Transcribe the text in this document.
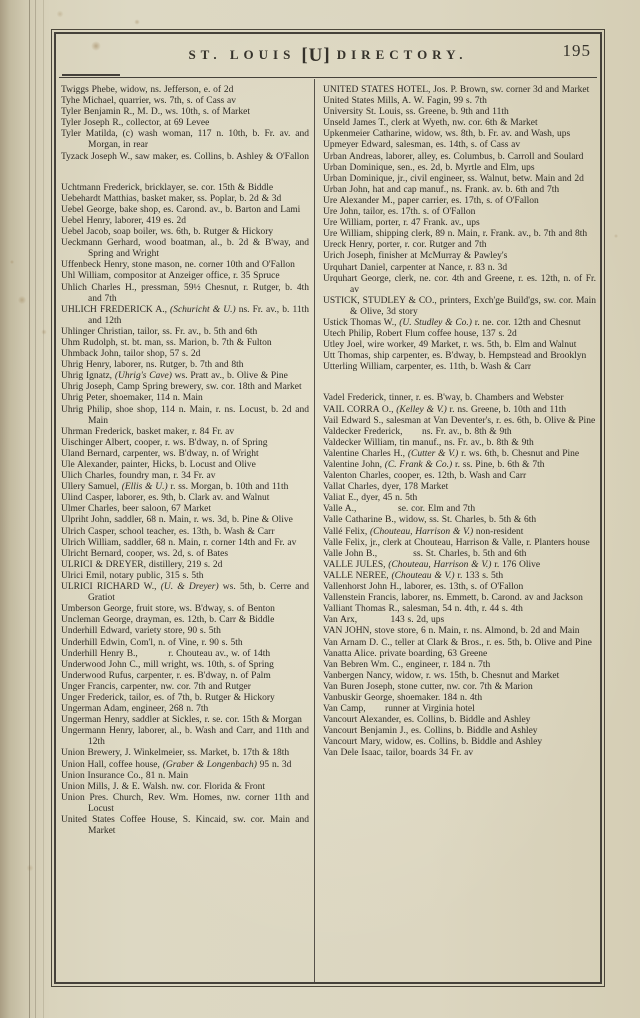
ST. LOUIS [U] DIRECTORY.	195
Twiggs Phebe, widow, ns. Jefferson, e. of 2d
Tyhe Michael, quarrier, ws. 7th, s. of Cass av
Tyler Benjamin R., M. D., ws. 10th, s. of Market
Tyler Joseph R., collector, at 69 Levee
Tyler Matilda, (c) wash woman, 117 n. 10th, b. Fr. av. and Morgan, in rear
Tyzack Joseph W., saw maker, es. Collins, b. Ashley & O'Fallon
Uchtmann Frederick, bricklayer, se. cor. 15th & Biddle
Uebehardt Matthias, basket maker, ss. Poplar, b. 2d & 3d
Uebel George, bake shop, es. Carond. av., b. Barton and Lami
Uebel Henry, laborer, 419 es. 2d
Uebel Jacob, soap boiler, ws. 6th, b. Rutger & Hickory
Ueckmann Gerhard, wood boatman, al., b. 2d & B'way, and Spring and Wright
Uffenbeck Henry, stone mason, ne. corner 10th and O'Fallon
Uhl William, compositor at Anzeiger office, r. 35 Spruce
Uhlich Charles H., pressman, 59½ Chesnut, r. Rutger, b. 4th and 7th
UHLICH FREDERICK A., (Schuricht & U.) ns. Fr. av., b. 11th and 12th
Uhlinger Christian, tailor, ss. Fr. av., b. 5th and 6th
Uhm Rudolph, st. bt. man, ss. Marion, b. 7th & Fulton
Uhmback John, tailor shop, 57 s. 2d
Uhrig Henry, laborer, ns. Rutger, b. 7th and 8th
Uhrig Ignatz, (Uhrig's Cave) ws. Pratt av., b. Olive & Pine
Uhrig Joseph, Camp Spring brewery, sw. cor. 18th and Market
Uhrig Peter, shoemaker, 114 n. Main
Uhrig Philip, shoe shop, 114 n. Main, r. ns. Locust, b. 2d and Main
Uhrman Frederick, basket maker, r. 84 Fr. av
Uischinger Albert, cooper, r. ws. B'dway, n. of Spring
Uland Bernard, carpenter, ws. B'dway, n. of Wright
Ule Alexander, painter, Hicks, b. Locust and Olive
Ulich Charles, foundry man, r. 34 Fr. av
Ullery Samuel, (Ellis & U.) r. ss. Morgan, b. 10th and 11th
Ulind Casper, laborer, es. 9th, b. Clark av. and Walnut
Ulmer Charles, beer saloon, 67 Market
Ulpriht John, saddler, 68 n. Main, r. ws. 3d, b. Pine & Olive
Ulrich Casper, school teacher, es. 13th, b. Wash & Carr
Ulrich William, saddler, 68 n. Main, r. corner 14th and Fr. av
Ulricht Bernard, cooper, ws. 2d, s. of Bates
ULRICI & DREYER, distillery, 219 s. 2d
Ulrici Emil, notary public, 315 s. 5th
ULRICI RICHARD W., (U. & Dreyer) ws. 5th, b. Cerre and Gratiot
Umberson George, fruit store, ws. B'dway, s. of Benton
Uncleman George, drayman, es. 12th, b. Carr & Biddle
Underhill Edward, variety store, 90 s. 5th
Underhill Edwin, Com'l, n. of Vine, r. 90 s. 5th
Underhill Henry B.,           r. Chouteau av., w. of 14th
Underwood John C., mill wright, ws. 10th, s. of Spring
Underwood Rufus, carpenter, r. es. B'dway, n. of Palm
Unger Francis, carpenter, nw. cor. 7th and Rutger
Unger Frederick, tailor, es. of 7th, b. Rutger & Hickory
Ungerman Adam, engineer, 268 n. 7th
Ungerman Henry, saddler at Sickles, r. se. cor. 15th & Morgan
Ungermann Henry, laborer, al., b. Wash and Carr, and 11th and 12th
Union Brewery, J. Winkelmeier, ss. Market, b. 17th & 18th
Union Hall, coffee house, (Graber & Longenbach) 95 n. 3d
Union Insurance Co., 81 n. Main
Union Mills, J. & E. Walsh. nw. cor. Florida & Front
Union Pres. Church, Rev. Wm. Homes, nw. corner 11th and Locust
United States Coffee House, S. Kincaid, sw. cor. Main and Market
UNITED STATES HOTEL, Jos. P. Brown, sw. corner 3d and Market
United States Mills, A. W. Fagin, 99 s. 7th
University St. Louis, ss. Greene, b. 9th and 11th
Unseld James T., clerk at Wyeth, nw. cor. 6th & Market
Upkenmeier Catharine, widow, ws. 8th, b. Fr. av. and Wash, ups
Upmeyer Edward, salesman, es. 14th, s. of Cass av
Urban Andreas, laborer, alley, es. Columbus, b. Carroll and Soulard
Urban Dominique, sen., es. 2d, b. Myrtle and Elm, ups
Urban Dominique, jr., civil engineer, ss. Walnut, betw. Main and 2d
Urban John, hat and cap manuf., ns. Frank. av. b. 6th and 7th
Ure Alexander M., paper carrier, es. 17th, s. of O'Fallon
Ure John, tailor, es. 17th. s. of O'Fallon
Ure William, porter, r. 47 Frank. av., ups
Ure William, shipping clerk, 89 n. Main, r. Frank. av., b. 7th and 8th
Ureck Henry, porter, r. cor. Rutger and 7th
Urich Joseph, finisher at McMurray & Pawley's
Urquhart Daniel, carpenter at Nance, r. 83 n. 3d
Urquhart George, clerk, ne. cor. 4th and Greene, r. es. 12th, n. of Fr. av
USTICK, STUDLEY & CO., printers, Exch'ge Build'gs, sw. cor. Main & Olive, 3d story
Ustick Thomas W., (U. Studley & Co.) r. ne. cor. 12th and Chesnut
Utech Philip, Robert Flum coffee house, 137 s. 2d
Utley Joel, wire worker, 49 Market, r. ws. 5th, b. Elm and Walnut
Utt Thomas, ship carpenter, es. B'dway, b. Hempstead and Brooklyn
Utterling William, carpenter, es. 11th, b. Wash & Carr
Vadel Frederick, tinner, r. es. B'way, b. Chambers and Webster
VAIL CORRA O., (Kelley & V.) r. ns. Greene, b. 10th and 11th
Vail Edward S., salesman at Van Deventer's, r. es. 6th, b. Olive & Pine
Valdecker Frederick,       ns. Fr. av., b. 8th & 9th
Valdecker William, tin manuf., ns. Fr. av., b. 8th & 9th
Valentine Charles H., (Cutter & V.) r. ws. 6th, b. Chesnut and Pine
Valentine John, (C. Frank & Co.) r. ss. Pine, b. 6th & 7th
Valenton Charles, cooper, es. 12th, b. Wash and Carr
Vallat Charles, dyer, 178 Market
Valiat E., dyer, 45 n. 5th
Valle A.,               se. cor. Elm and 7th
Valle Catharine B., widow, ss. St. Charles, b. 5th & 6th
Vallé Felix, (Chouteau, Harrison & V.) non-resident
Valle Felix, jr., clerk at Chouteau, Harrison & Valle, r. Planters house
Valle John B.,             ss. St. Charles, b. 5th and 6th
VALLE JULES, (Chouteau, Harrison & V.) r. 176 Olive
VALLE NEREE, (Chouteau & V.) r. 133 s. 5th
Vallenhorst John H., laborer, es. 13th, s. of O'Fallon
Vallenstein Francis, laborer, ns. Emmett, b. Carond. av and Jackson
Valliant Thomas R., salesman, 54 n. 4th, r. 44 s. 4th
Van Arx,            143 s. 2d, ups
VAN JOHN, stove store, 6 n. Main, r. ns. Almond, b. 2d and Main
Van Arnam D. C., teller at Clark & Bros., r. es. 5th, b. Olive and Pine
Vanatta Alice. private boarding, 63 Greene
Van Bebren Wm. C., engineer, r. 184 n. 7th
Vanbergen Nancy, widow, r. ws. 15th, b. Chesnut and Market
Van Buren Joseph, stone cutter, nw. cor. 7th & Marion
Vanbuskir George, shoemaker. 184 n. 4th
Van Camp,       runner at Virginia hotel
Vancourt Alexander, es. Collins, b. Biddle and Ashley
Vancourt Benjamin J., es. Collins, b. Biddle and Ashley
Vancourt Mary, widow, es. Collins, b. Biddle and Ashley
Van Dele Isaac, tailor, boards 34 Fr. av
